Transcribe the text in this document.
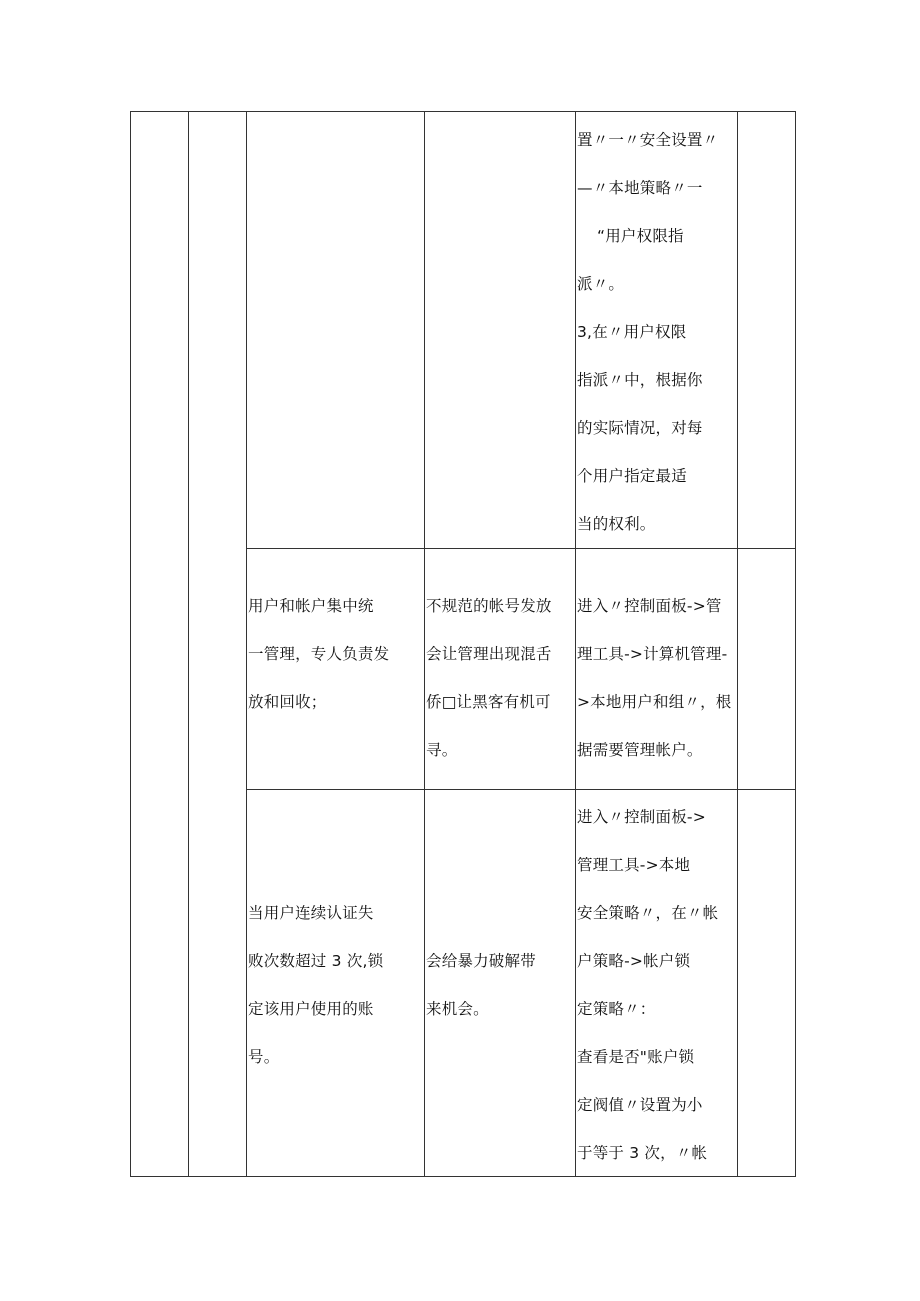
置〃一〃安全设置〃
—〃本地策略〃一
“用户权限指
派〃。
3,在〃用户权限
指派〃中，根据你
的实际情况，对每
个用户指定最适
当的权利。
用户和帐户集中统
一管理，专人负责发
放和回收；
不规范的帐号发放
会让管理出现混舌
侨□让黑客有机可
寻。
进入〃控制面板->管
理工具->计算机管理-
>本地用户和组〃，根
据需要管理帐户。
当用户连续认证失
败次数超过 3 次,锁
定该用户使用的账
号。
会给暴力破解带
来机会。
进入〃控制面板->
管理工具->本地
安全策略〃，在〃帐
户策略->帐户锁
定策略〃：
查看是否"账户锁
定阀值〃设置为小
于等于 3 次，〃帐
